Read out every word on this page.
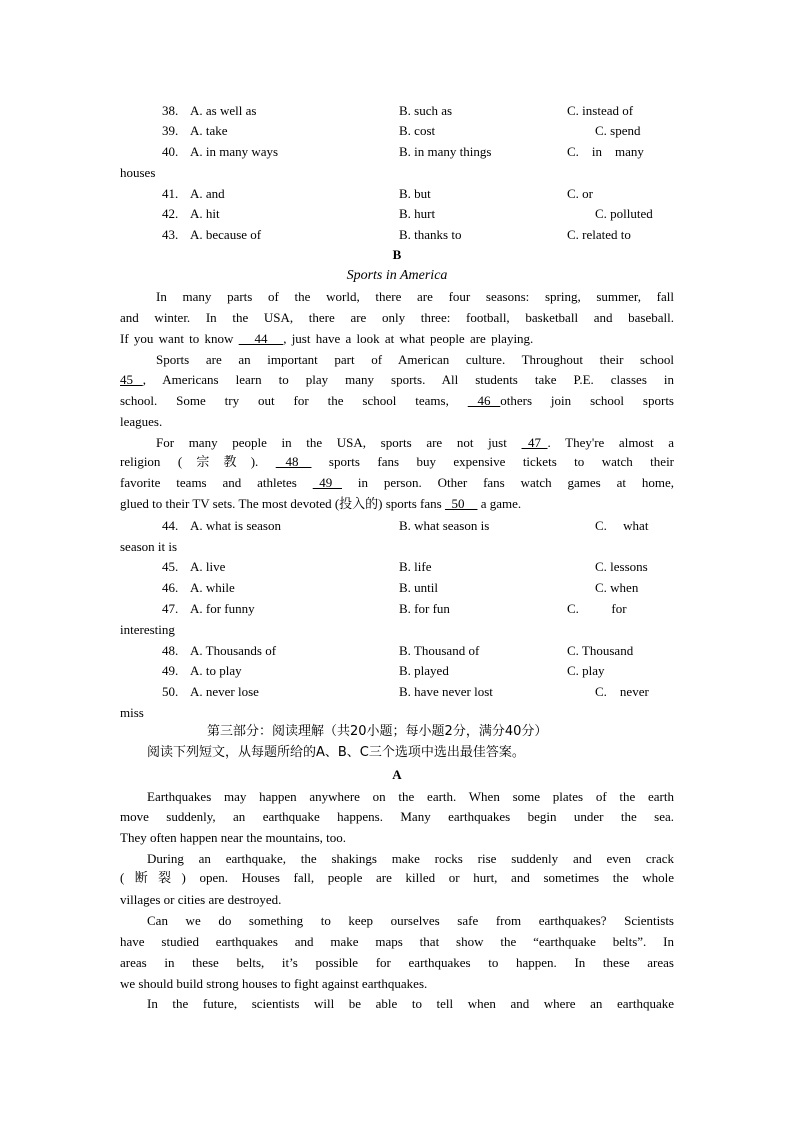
38. A. as well as	B. such as	C. instead of
39. A. take	B. cost	C. spend
40. A. in many ways	B. in many things	C.    in    many
houses
41. A. and	B. but	C. or
42. A. hit	B. hurt	C. polluted
43. A. because of	B. thanks to	C. related to
B
Sports in America
In many parts of the world, there are four seasons: spring, summer, fall
and winter. In the USA, there are only three: football, basketball and baseball.
If you want to know    44   , just have a look at what people are playing.
Sports are an important part of American culture. Throughout their school
45   , Americans learn to play many sports. All students take P.E. classes in
school. Some try out for the school teams,    46   others join school sports
leagues.
For many people in the USA, sports are not just   47  . They're almost a
religion (宗教).    48     sports fans buy expensive tickets to watch their
favorite teams and athletes   49    in person. Other fans watch games at home,
glued to their TV sets. The most devoted (投入的) sports fans   50     a game.
44. A. what is season	B. what season is	C.     what
season it is
45. A. live	B. life	C. lessons
46. A. while	B. until	C. when
47. A. for funny	B. for fun	C.          for
interesting
48. A. Thousands of	B. Thousand of	C. Thousand
49. A. to play	B. played	C. play
50. A. never lose	B. have never lost	C.    never
miss
第三部分：阅读理解（共20小题；每小题2分，满分40分）
阅读下列短文，从每题所给的A、B、C三个选项中选出最佳答案。
A
Earthquakes may happen anywhere on the earth. When some plates of the earth
move suddenly, an earthquake happens. Many earthquakes begin under the sea.
They often happen near the mountains, too.
During an earthquake, the shakings make rocks rise suddenly and even crack
(断裂) open. Houses fall, people are killed or hurt, and sometimes the whole
villages or cities are destroyed.
Can we do something to keep ourselves safe from earthquakes? Scientists
have studied earthquakes and make maps that show the “earthquake belts”. In
areas in these belts, it’s possible for earthquakes to happen. In these areas
we should build strong houses to fight against earthquakes.
In the future, scientists will be able to tell when and where an earthquake
